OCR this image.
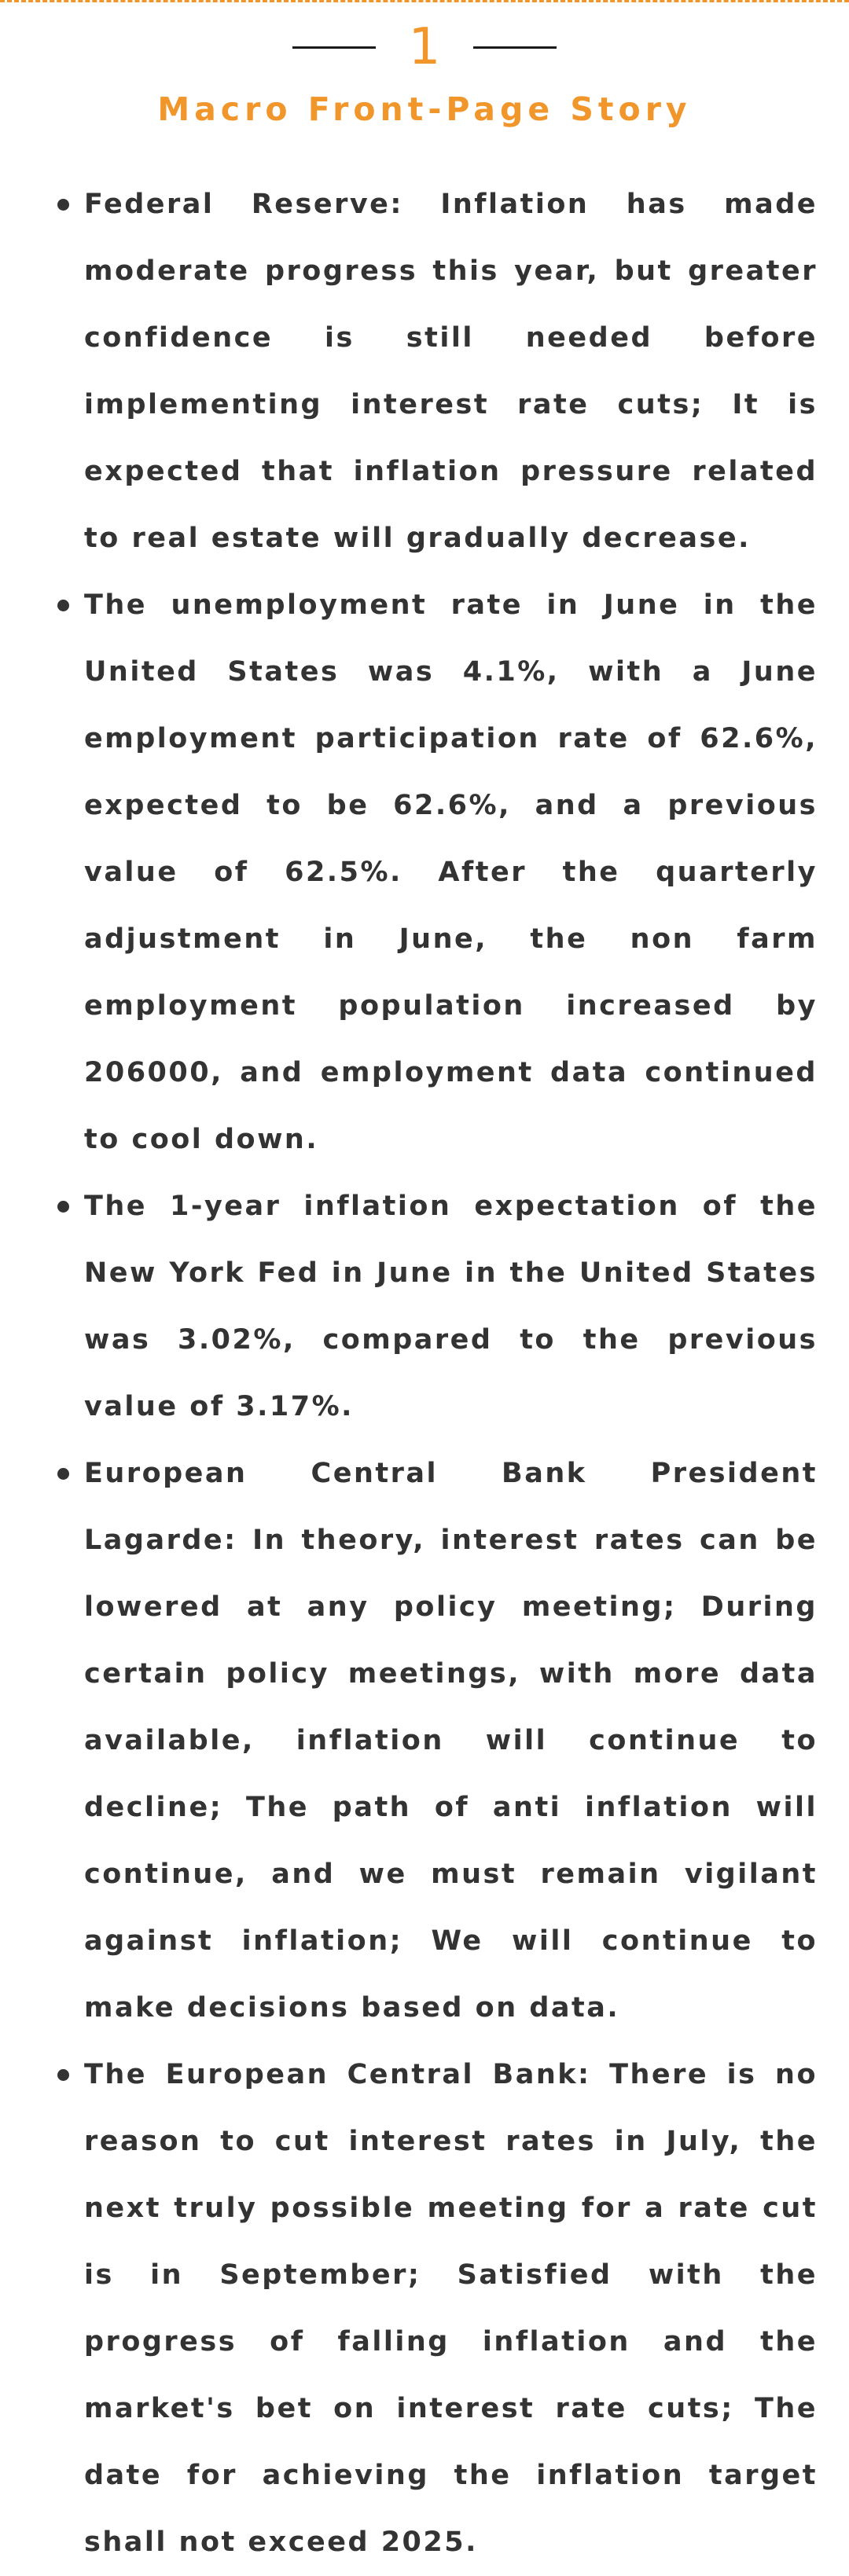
1
Macro Front-Page Story
Federal Reserve: Inflation has made moderate progress this year, but greater confidence is still needed before implementing interest rate cuts; It is expected that inflation pressure related to real estate will gradually decrease.
The unemployment rate in June in the United States was 4.1%, with a June employment participation rate of 62.6%, expected to be 62.6%, and a previous value of 62.5%. After the quarterly adjustment in June, the non farm employment population increased by 206000, and employment data continued to cool down.
The 1-year inflation expectation of the New York Fed in June in the United States was 3.02%, compared to the previous value of 3.17%.
European Central Bank President Lagarde: In theory, interest rates can be lowered at any policy meeting; During certain policy meetings, with more data available, inflation will continue to decline; The path of anti inflation will continue, and we must remain vigilant against inflation; We will continue to make decisions based on data.
The European Central Bank: There is no reason to cut interest rates in July, the next truly possible meeting for a rate cut is in September; Satisfied with the progress of falling inflation and the market's bet on interest rate cuts; The date for achieving the inflation target shall not exceed 2025.
